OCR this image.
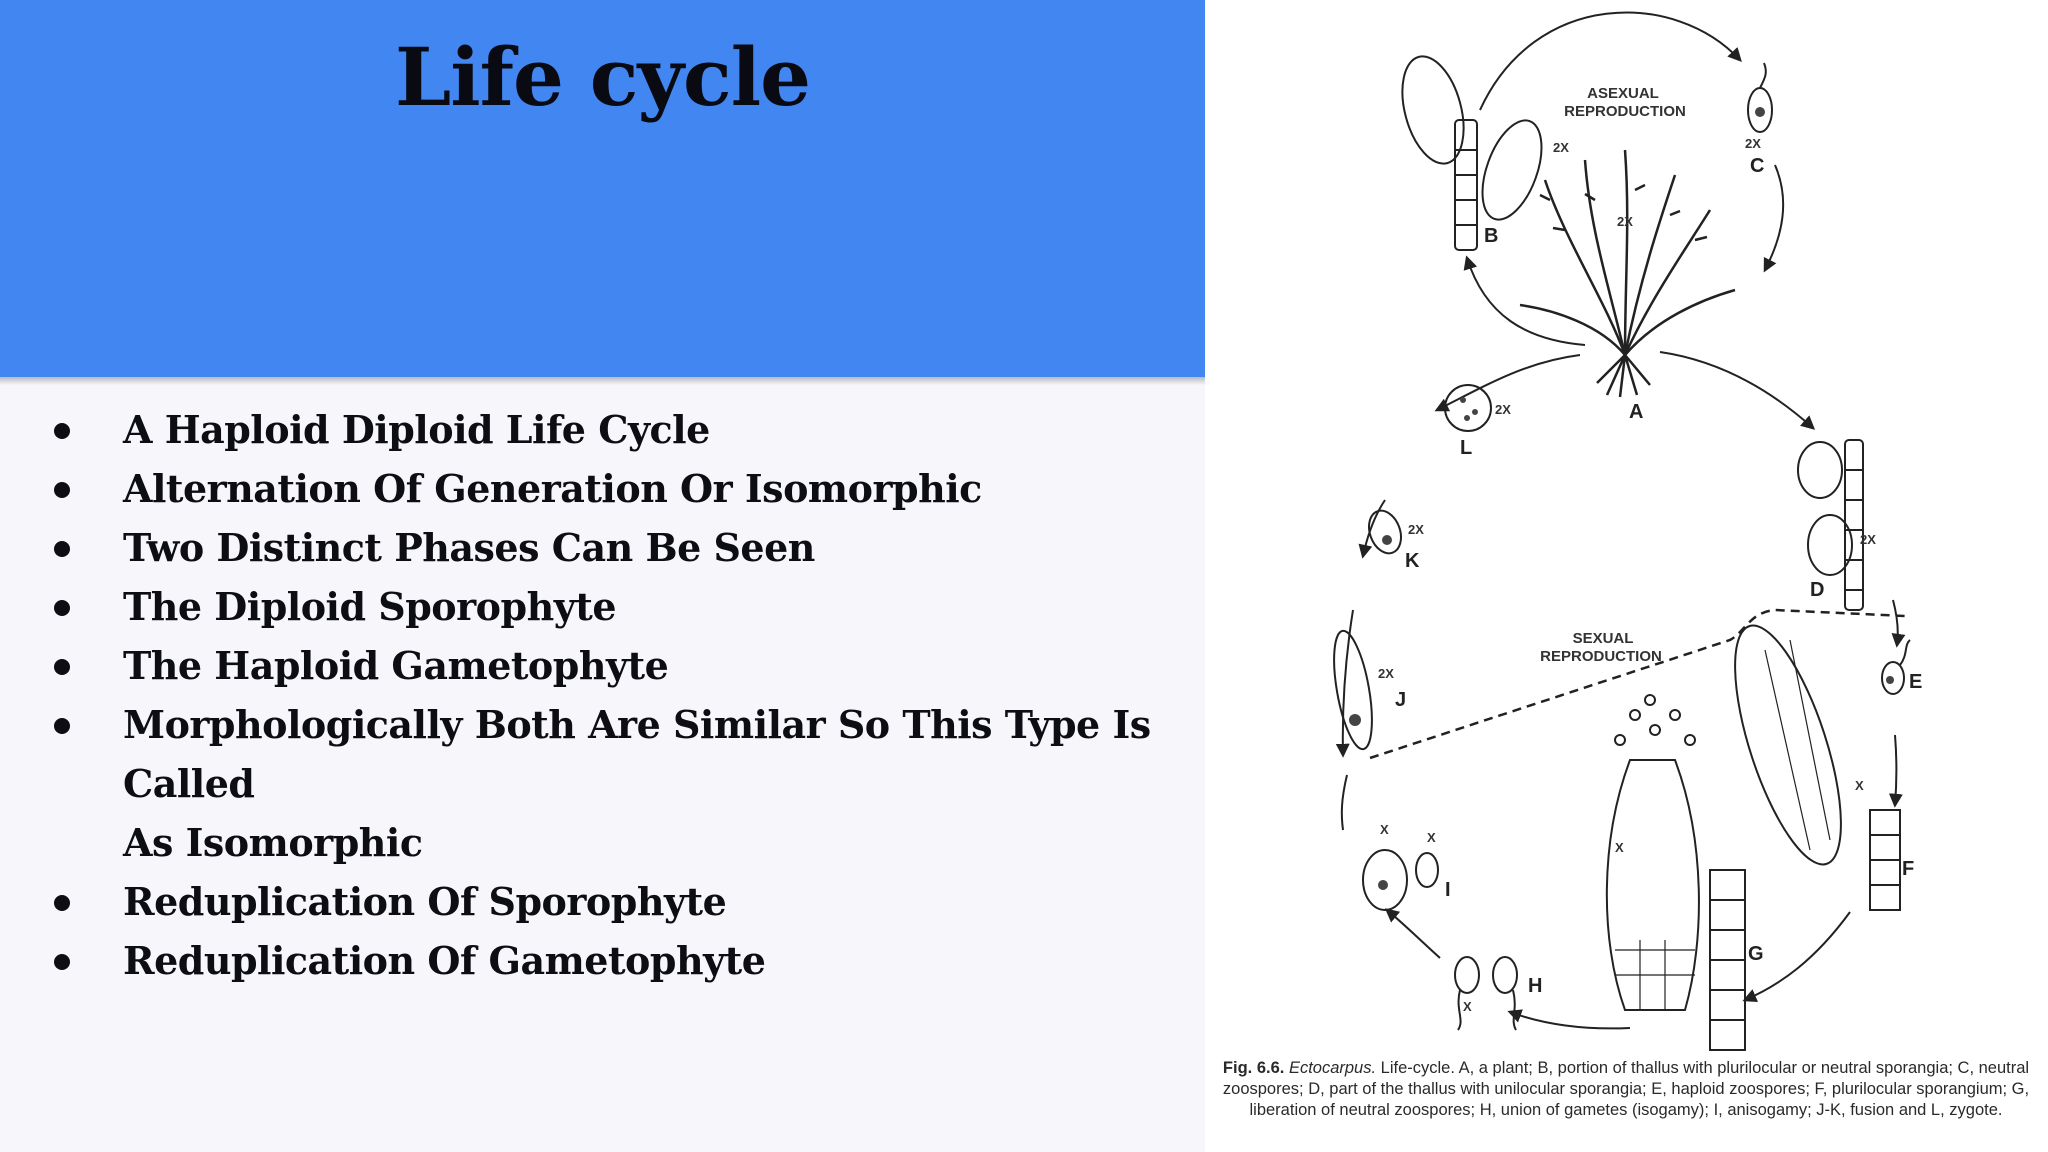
Life cycle
A Haploid Diploid Life Cycle
Alternation Of Generation Or Isomorphic
Two Distinct Phases Can Be Seen
The Diploid Sporophyte
The Haploid Gametophyte
Morphologically Both Are Similar So This Type Is Called
As Isomorphic
Reduplication Of Sporophyte
Reduplication Of Gametophyte
ASEXUAL
REPRODUCTION
SEXUAL
REPRODUCTION
2X	2X
2X
2X
2X
2X
2X
X
X
X
X
X
A
B
C
D
E
F
G
H
I
J
K
L
Fig. 6.6. Ectocarpus. Life-cycle. A, a plant; B, portion of thallus with plurilocular or neutral sporangia; C, neutral zoospores; D, part of the thallus with unilocular sporangia; E, haploid zoospores; F, plurilocular sporangium; G, liberation of neutral zoospores; H, union of gametes (isogamy); I, anisogamy; J-K, fusion and L, zygote.
